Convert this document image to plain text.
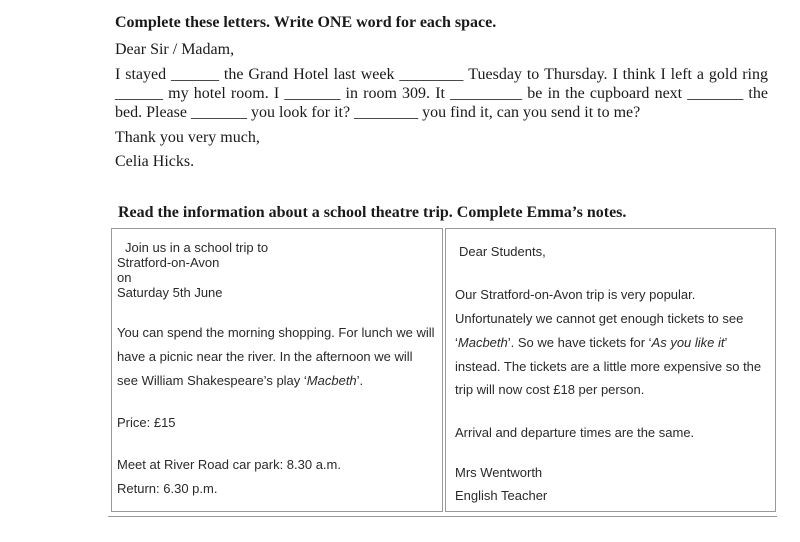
Complete these letters. Write ONE word for each space.
Dear Sir / Madam,
I stayed ______ the Grand Hotel last week ________ Tuesday to Thursday. I think I left a gold ring
______ my hotel room. I _______ in room 309. It _________ be in the cupboard next _______ the
bed. Please _______ you look for it? ________ you find it, can you send it to me?
Thank you very much,
Celia Hicks.
Read the information about a school theatre trip. Complete Emma’s notes.
Join us in a school trip to
Stratford-on-Avon
on
Saturday 5th June
You can spend the morning shopping. For lunch we will
have a picnic near the river. In the afternoon we will
see William Shakespeare’s play ‘Macbeth’.
Price: £15
Meet at River Road car park: 8.30 a.m.
Return: 6.30 p.m.
Dear Students,
Our Stratford-on-Avon trip is very popular.
Unfortunately we cannot get enough tickets to see
‘Macbeth’. So we have tickets for ‘As you like it’
instead. The tickets are a little more expensive so the
trip will now cost £18 per person.
Arrival and departure times are the same.
Mrs Wentworth
English Teacher
